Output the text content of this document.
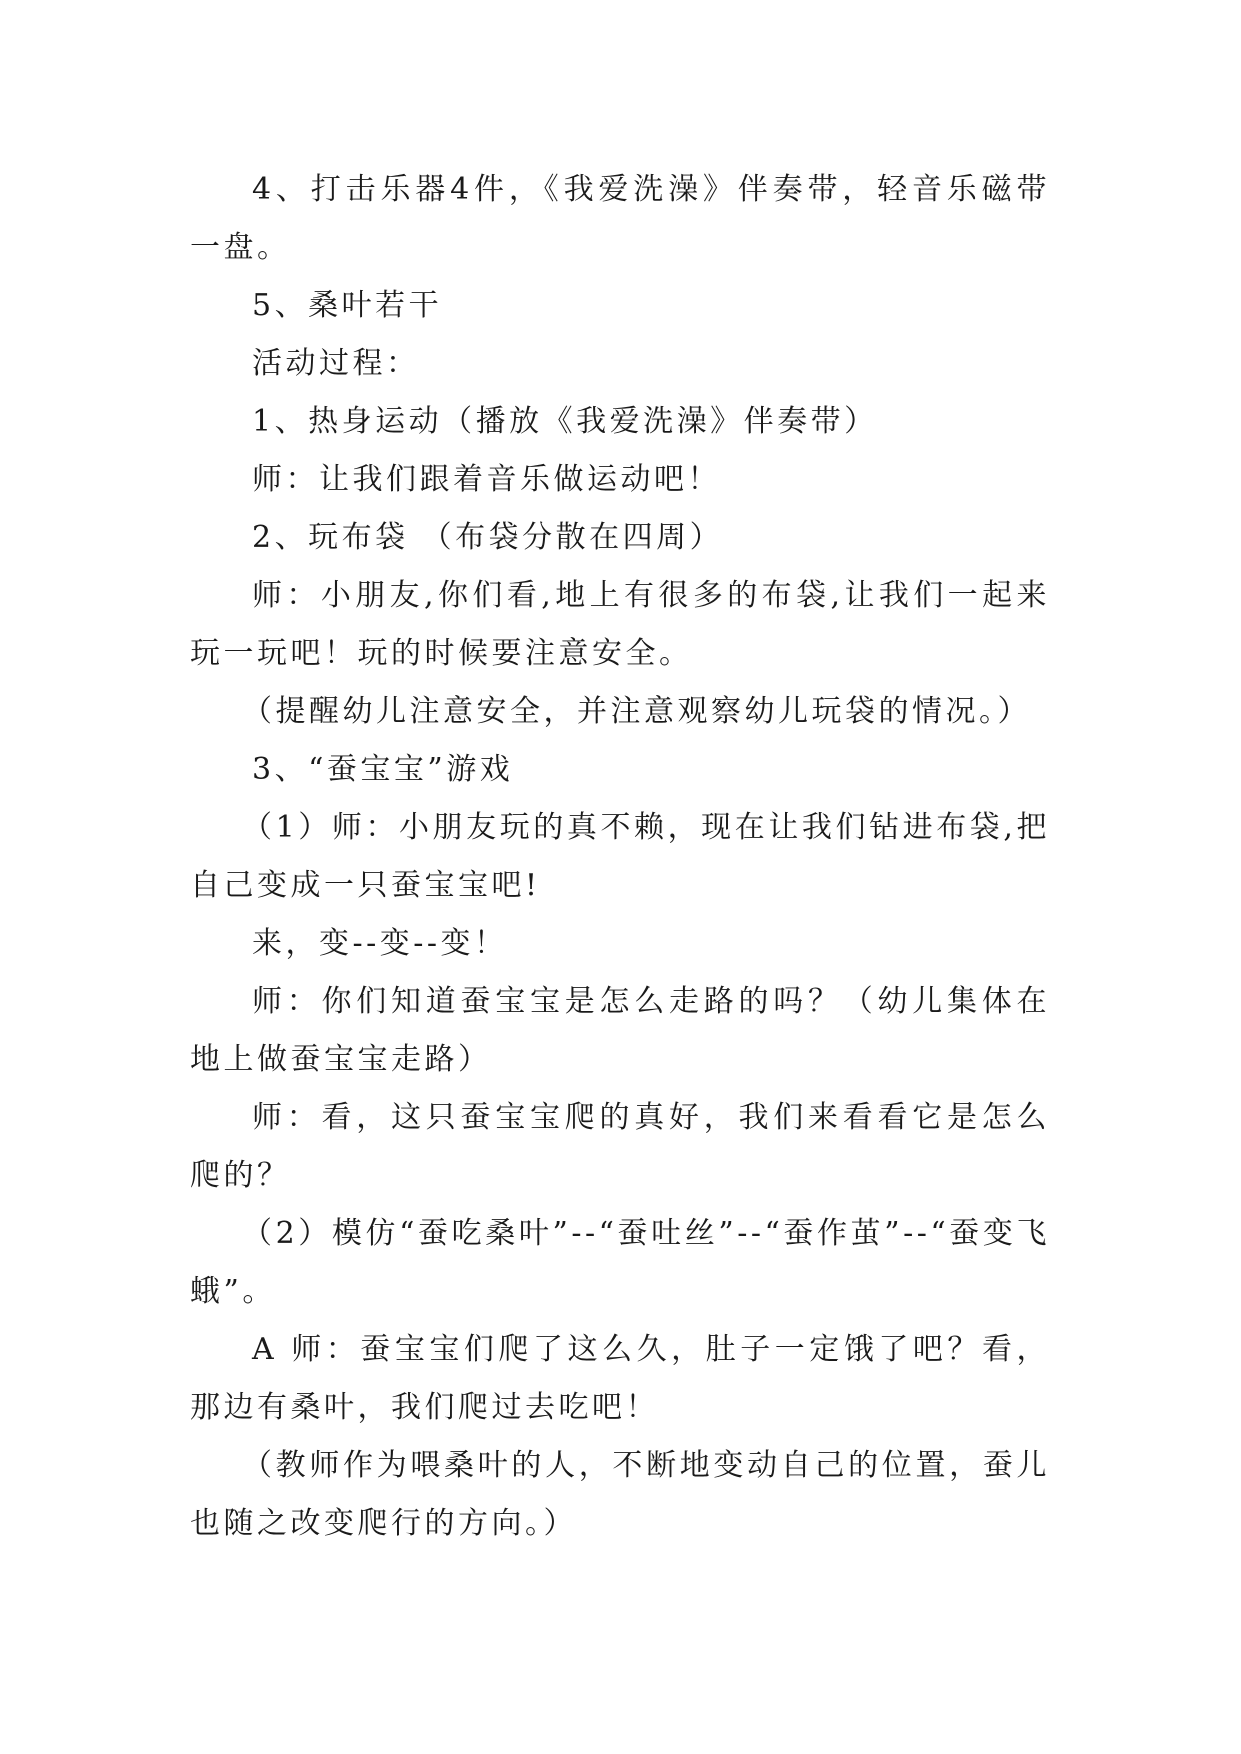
4、打击乐器4件，《我爱洗澡》伴奏带，轻音乐磁带一盘。

5、桑叶若干

活动过程：

1、热身运动（播放《我爱洗澡》伴奏带）

师：让我们跟着音乐做运动吧！

2、玩布袋 （布袋分散在四周）

师：小朋友,你们看,地上有很多的布袋,让我们一起来玩一玩吧！玩的时候要注意安全。

（提醒幼儿注意安全，并注意观察幼儿玩袋的情况。）

3、“蚕宝宝”游戏

（1）师：小朋友玩的真不赖，现在让我们钻进布袋,把自己变成一只蚕宝宝吧!

来，变--变--变！

师：你们知道蚕宝宝是怎么走路的吗？（幼儿集体在地上做蚕宝宝走路）

师：看，这只蚕宝宝爬的真好，我们来看看它是怎么爬的？

（2）模仿“蚕吃桑叶”--“蚕吐丝”--“蚕作茧”--“蚕变飞蛾”。

A 师：蚕宝宝们爬了这么久，肚子一定饿了吧？看，那边有桑叶，我们爬过去吃吧！

（教师作为喂桑叶的人，不断地变动自己的位置，蚕儿也随之改变爬行的方向。）
